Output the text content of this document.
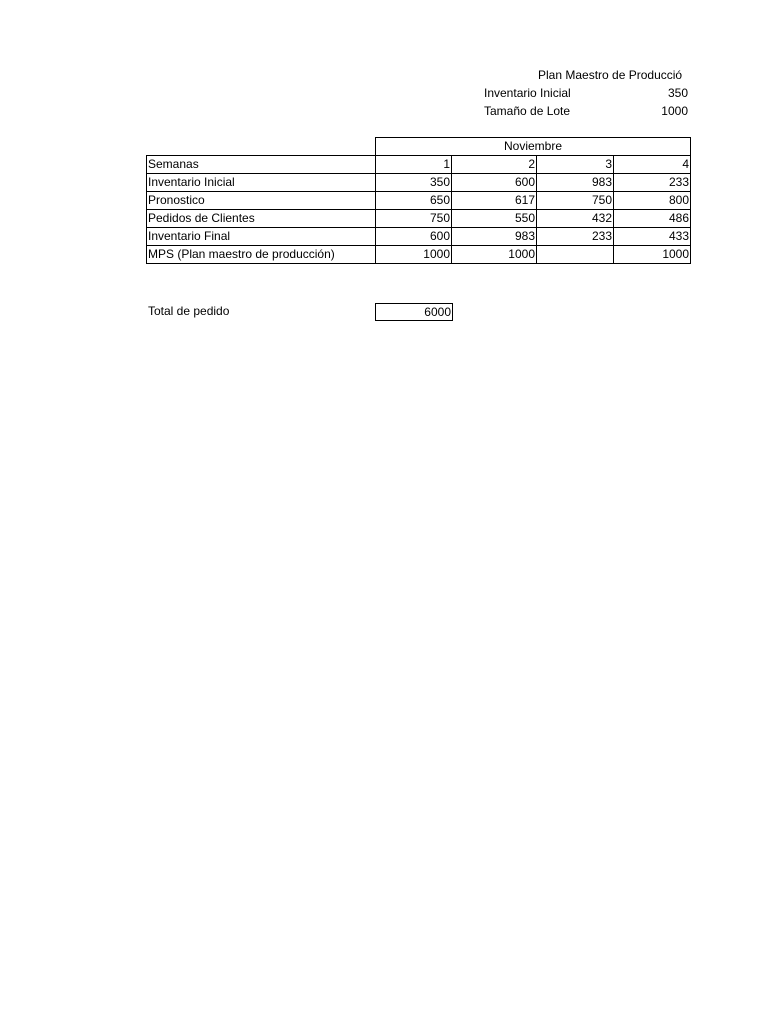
Plan Maestro de Producció
Inventario Inicial	350
Tamaño de Lote	1000
	Noviembre			
Semanas	1	2	3	4
Inventario Inicial	350	600	983	233
Pronostico	650	617	750	800
Pedidos de Clientes	750	550	432	486
Inventario Final	600	983	233	433
MPS (Plan maestro de producción)	1000	1000		1000
Total de pedido	6000
